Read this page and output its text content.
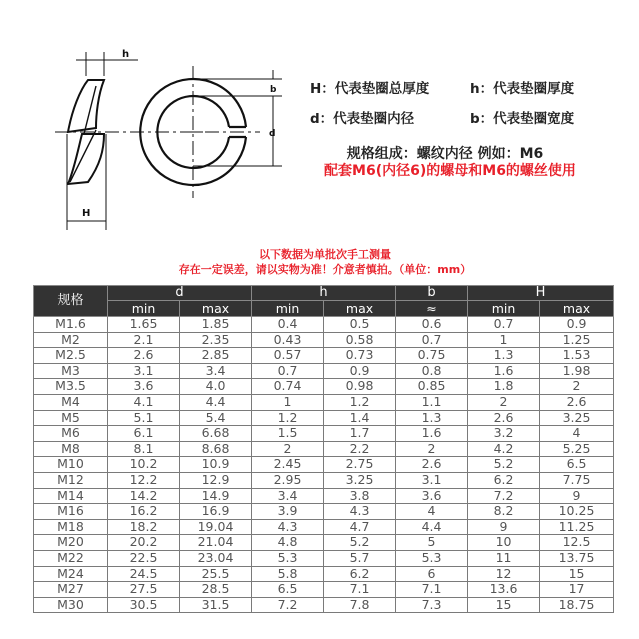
h
H
b
d
H：代表垫圈总厚度	h：代表垫圈厚度
d：代表垫圈内径	b：代表垫圈宽度
规格组成：螺纹内径 例如：M6
配套M6(内径6)的螺母和M6的螺丝使用
以下数据为单批次手工测量
存在一定误差，请以实物为准！介意者慎拍。（单位：mm）
规格	d		h		b	H	
	min	max	min	max	≈	min	max
M1.6	1.65	1.85	0.4	0.5	0.6	0.7	0.9
M2	2.1	2.35	0.43	0.58	0.7	1	1.25
M2.5	2.6	2.85	0.57	0.73	0.75	1.3	1.53
M3	3.1	3.4	0.7	0.9	0.8	1.6	1.98
M3.5	3.6	4.0	0.74	0.98	0.85	1.8	2
M4	4.1	4.4	1	1.2	1.1	2	2.6
M5	5.1	5.4	1.2	1.4	1.3	2.6	3.25
M6	6.1	6.68	1.5	1.7	1.6	3.2	4
M8	8.1	8.68	2	2.2	2	4.2	5.25
M10	10.2	10.9	2.45	2.75	2.6	5.2	6.5
M12	12.2	12.9	2.95	3.25	3.1	6.2	7.75
M14	14.2	14.9	3.4	3.8	3.6	7.2	9
M16	16.2	16.9	3.9	4.3	4	8.2	10.25
M18	18.2	19.04	4.3	4.7	4.4	9	11.25
M20	20.2	21.04	4.8	5.2	5	10	12.5
M22	22.5	23.04	5.3	5.7	5.3	11	13.75
M24	24.5	25.5	5.8	6.2	6	12	15
M27	27.5	28.5	6.5	7.1	7.1	13.6	17
M30	30.5	31.5	7.2	7.8	7.3	15	18.75
